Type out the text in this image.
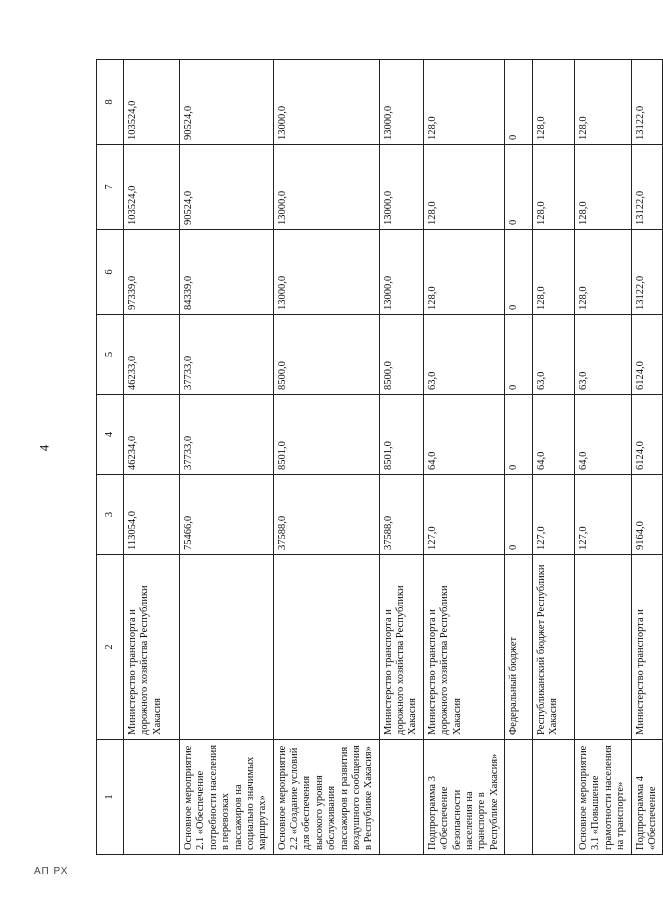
4
АП РХ
1	2	3	4	5	6	7	8
	Министерство транспорта и дорожного хозяйства Республики Хакасия	113054,0	46234,0	46233,0	97339,0	103524,0	103524,0
Основное мероприятие 2.1 «Обеспечение потребности населения в перевозках пассажиров на социально значимых маршрутах»		75466,0	37733,0	37733,0	84339,0	90524,0	90524,0
Основное мероприятие 2.2 «Создание условий для обеспечения высокого уровня обслуживания пассажиров и развития воздушного сообщения в Республике Хакасия»		37588,0	8501,0	8500,0	13000,0	13000,0	13000,0
	Министерство транспорта и дорожного хозяйства Республики Хакасия	37588,0	8501,0	8500,0	13000,0	13000,0	13000,0
Подпрограмма 3 «Обеспечение безопасности населения на транспорте в Республике Хакасия»	Министерство транспорта и дорожного хозяйства Республики Хакасия	127,0	64,0	63,0	128,0	128,0	128,0
	Федеральный бюджет	0	0	0	0	0	0
	Республиканский бюджет Республики Хакасия	127,0	64,0	63,0	128,0	128,0	128,0
Основное мероприятие 3.1 «Повышение грамотности населения на транспорте»		127,0	64,0	63,0	128,0	128,0	128,0
Подпрограмма 4 «Обеспечение	Министерство транспорта и	9164,0	6124,0	6124,0	13122,0	13122,0	13122,0
